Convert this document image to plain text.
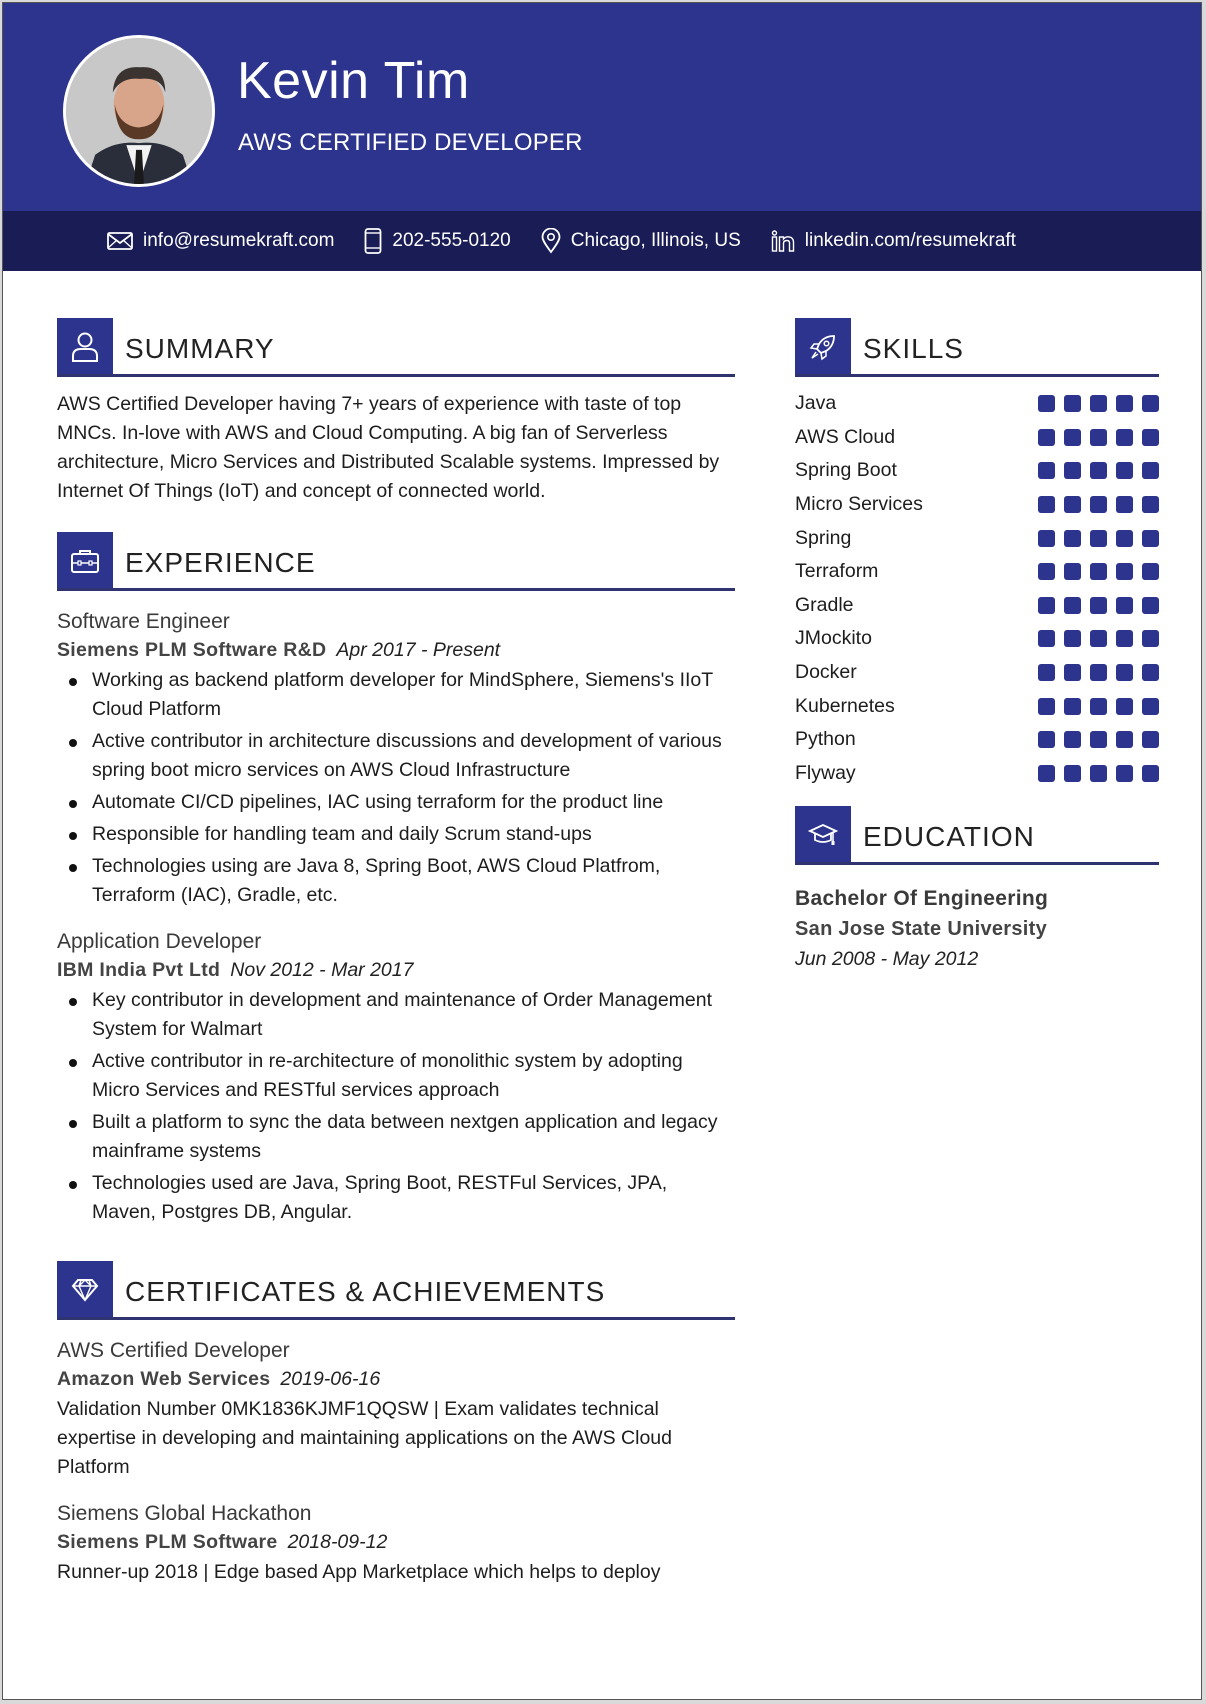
Kevin Tim
AWS CERTIFIED DEVELOPER
info@resumekraft.com	202-555-0120	Chicago, Illinois, US	linkedin.com/resumekraft
SUMMARY

AWS Certified Developer having 7+ years of experience with taste of top MNCs. In-love with AWS and Cloud Computing. A big fan of Serverless architecture, Micro Services and Distributed Scalable systems. Impressed by Internet Of Things (IoT) and concept of connected world.

EXPERIENCE
Software Engineer
Siemens PLM Software R&D Apr 2017 - Present
Working as backend platform developer for MindSphere, Siemens's IIoT Cloud Platform
Active contributor in architecture discussions and development of various spring boot micro services on AWS Cloud Infrastructure
Automate CI/CD pipelines, IAC using terraform for the product line
Responsible for handling team and daily Scrum stand-ups
Technologies using are Java 8, Spring Boot, AWS Cloud Platfrom, Terraform (IAC), Gradle, etc.
Application Developer
IBM India Pvt Ltd Nov 2012 - Mar 2017
Key contributor in development and maintenance of Order Management System for Walmart
Active contributor in re-architecture of monolithic system by adopting Micro Services and RESTful services approach
Built a platform to sync the data between nextgen application and legacy mainframe systems
Technologies used are Java, Spring Boot, RESTFul Services, JPA, Maven, Postgres DB, Angular.
CERTIFICATES & ACHIEVEMENTS
AWS Certified Developer
Amazon Web Services 2019-06-16

Validation Number 0MK1836KJMF1QQSW | Exam validates technical expertise in developing and maintaining applications on the AWS Cloud Platform

Siemens Global Hackathon
Siemens PLM Software 2018-09-12

Runner-up 2018 | Edge based App Marketplace which helps to deploy

SKILLS
Java
AWS Cloud
Spring Boot
Micro Services
Spring
Terraform
Gradle
JMockito
Docker
Kubernetes
Python
Flyway
EDUCATION
Bachelor Of Engineering
San Jose State University
Jun 2008 - May 2012
